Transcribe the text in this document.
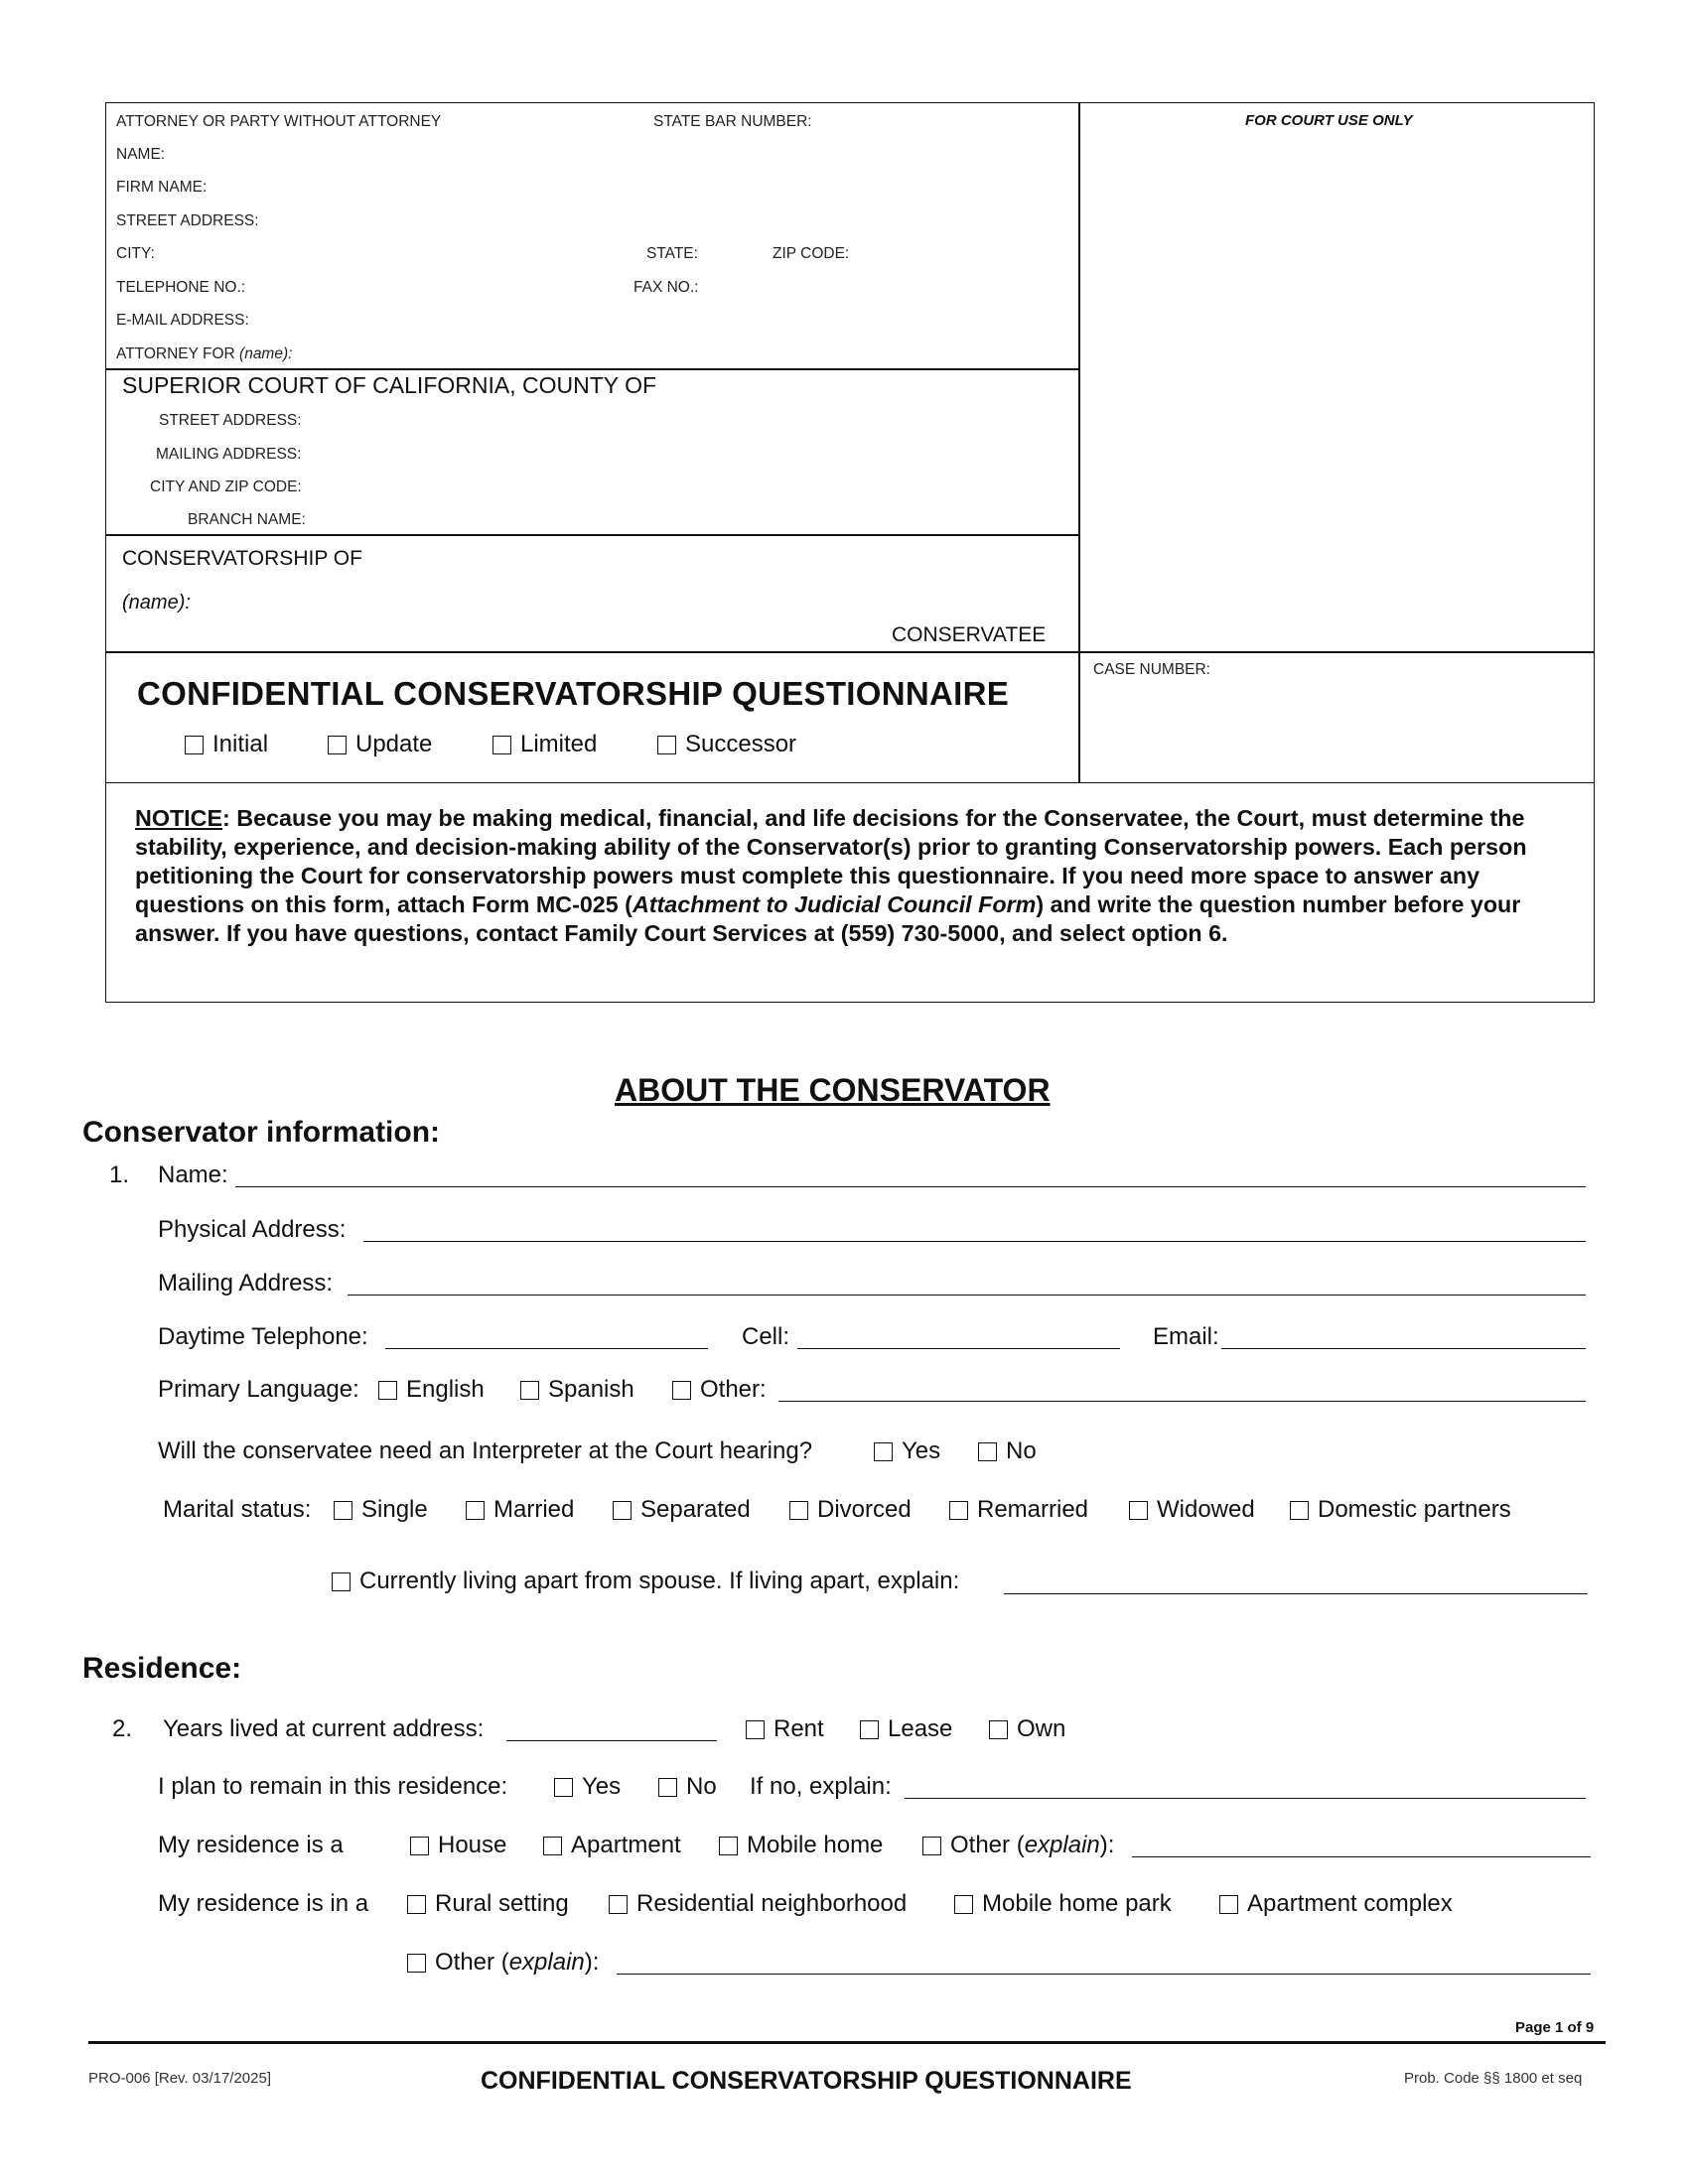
ATTORNEY OR PARTY WITHOUT ATTORNEY	STATE BAR NUMBER:
NAME:
FIRM NAME:
STREET ADDRESS:
CITY:	STATE:	ZIP CODE:
TELEPHONE NO.:	FAX NO.:
E-MAIL ADDRESS:
ATTORNEY FOR (name):
FOR COURT USE ONLY
SUPERIOR COURT OF CALIFORNIA, COUNTY OF
STREET ADDRESS:
MAILING ADDRESS:
CITY AND ZIP CODE:
BRANCH NAME:
CONSERVATORSHIP OF
(name):
CONSERVATEE
CONFIDENTIAL CONSERVATORSHIP QUESTIONNAIRE
CASE NUMBER:
Initial	Update	Limited	Successor
NOTICE: Because you may be making medical, financial, and life decisions for the Conservatee, the Court, must determine the stability, experience, and decision-making ability of the Conservator(s) prior to granting Conservatorship powers. Each person petitioning the Court for conservatorship powers must complete this questionnaire. If you need more space to answer any questions on this form, attach Form MC-025 (Attachment to Judicial Council Form) and write the question number before your answer. If you have questions, contact Family Court Services at (559) 730-5000, and select option 6.
ABOUT THE CONSERVATOR
Conservator information:
1. Name:
Physical Address:
Mailing Address:
Daytime Telephone:	Cell:	Email:
Primary Language: English	Spanish	Other:
Will the conservatee need an Interpreter at the Court hearing?	Yes	No
Marital status: Single	Married	Separated	Divorced	Remarried	Widowed	Domestic partners
Currently living apart from spouse. If living apart, explain:
Residence:
2. Years lived at current address:	Rent	Lease	Own
I plan to remain in this residence:	Yes	No If no, explain:
My residence is a	House	Apartment	Mobile home	Other ( explain ):
My residence is in a	Rural setting	Residential neighborhood	Mobile home park	Apartment complex
Other ( explain ):
Page 1 of 9
PRO-006 [Rev. 03/17/2025]	CONFIDENTIAL CONSERVATORSHIP QUESTIONNAIRE	Prob. Code §§ 1800 et seq
